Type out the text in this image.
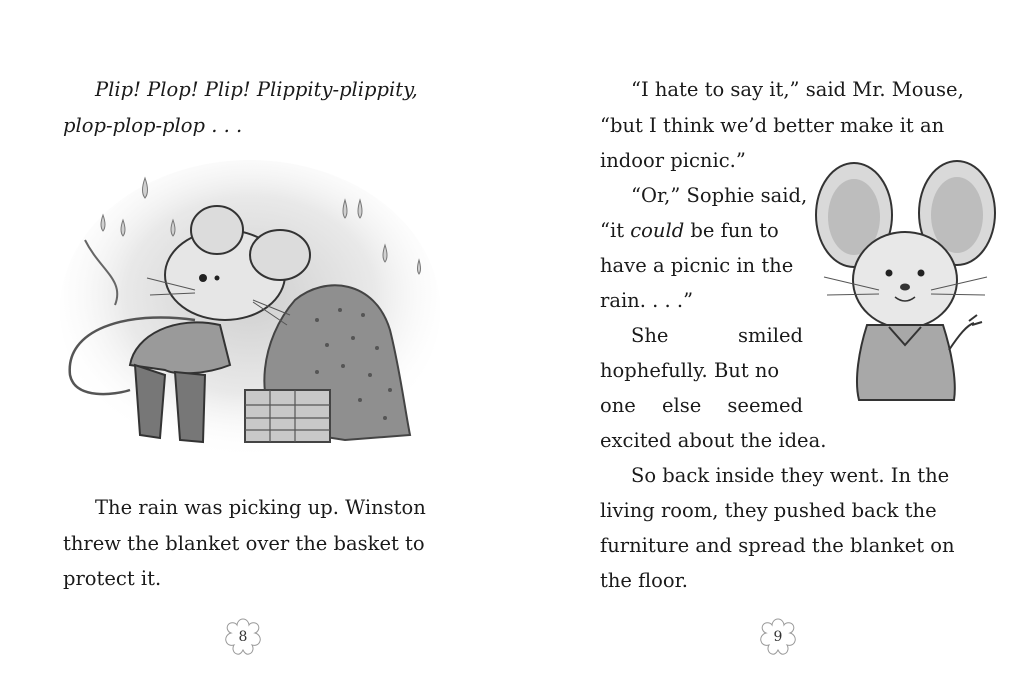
Plip! Plop! Plip! Plippity-plippity,

plop-plop-plop . . .

The rain was picking up. Winston

threw the blanket over the basket to

protect it.

8

“I hate to say it,” said Mr. Mouse,

“but I think we’d better make it an

indoor picnic.”

“Or,” Sophie said,

“it could be fun to

have a picnic in the

rain. . . .”

She	smiled

hophefully. But no

one else seemed

excited about the idea.

So back inside they went. In the

living room, they pushed back the

furniture and spread the blanket on

the floor.

9
